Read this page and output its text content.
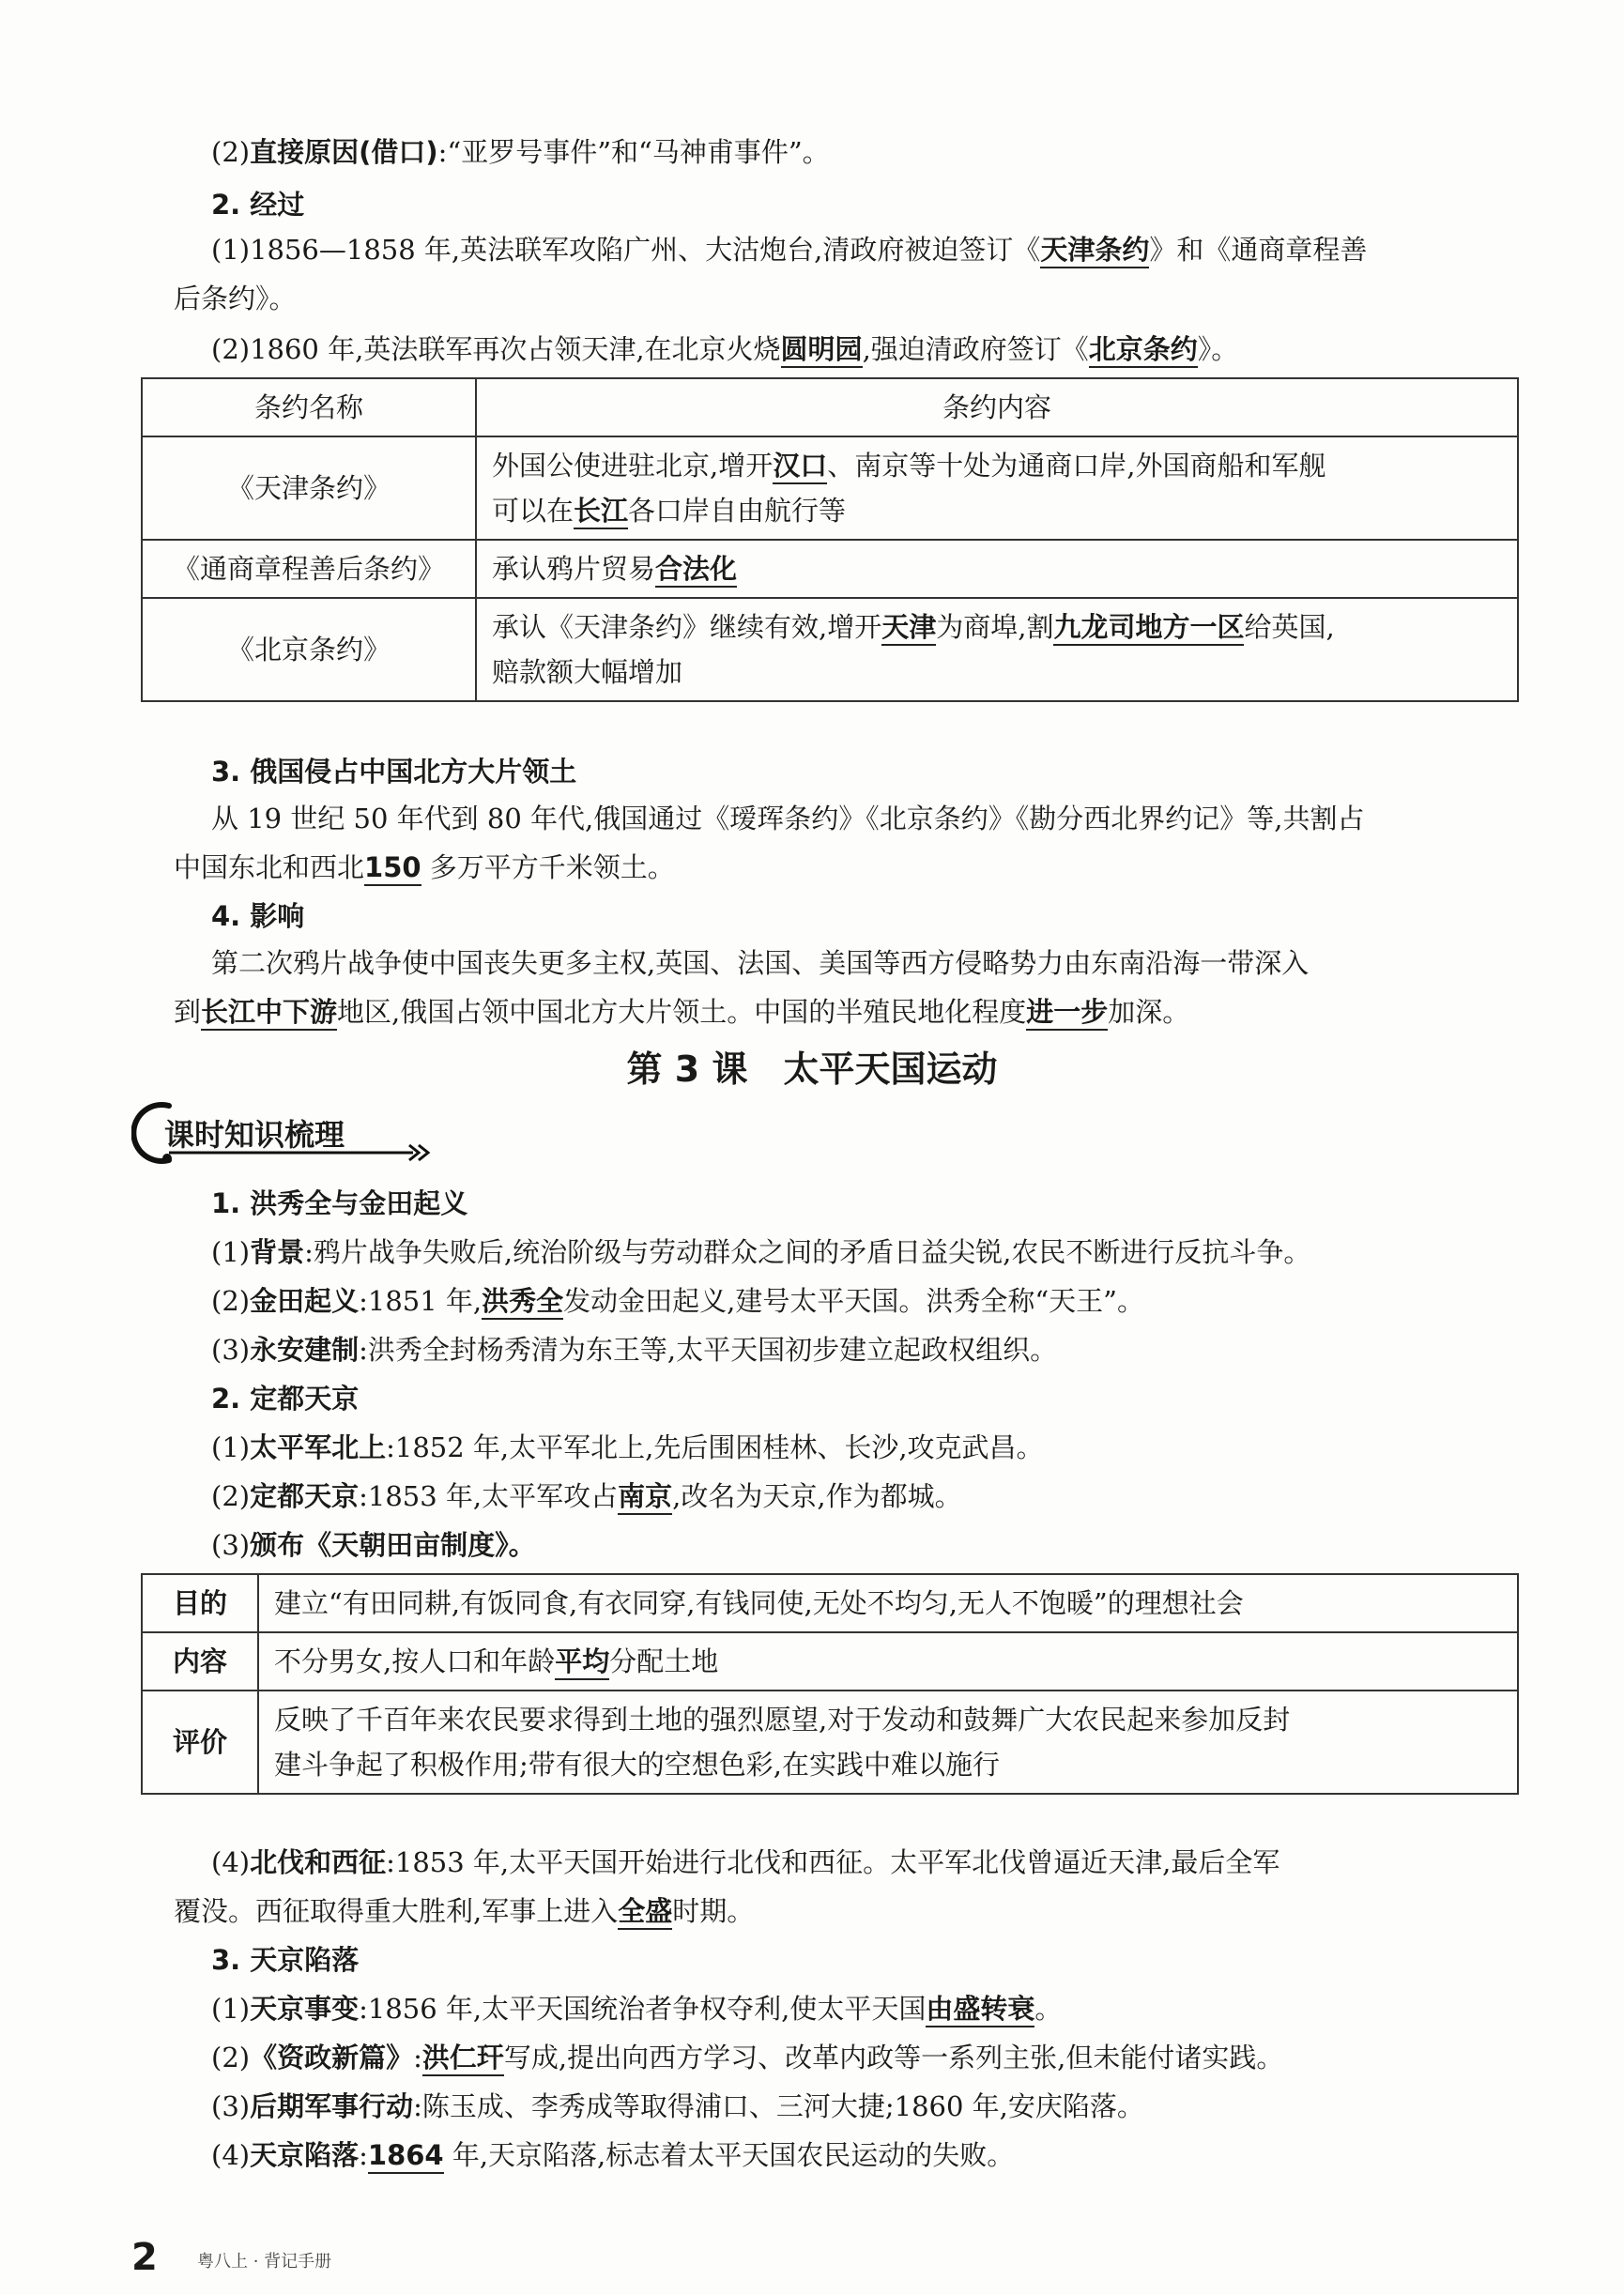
(2)直接原因(借口):“亚罗号事件”和“马神甫事件”。
2. 经过
(1)1856—1858 年,英法联军攻陷广州、大沽炮台,清政府被迫签订《天津条约》和《通商章程善
后条约》。
(2)1860 年,英法联军再次占领天津,在北京火烧圆明园,强迫清政府签订《北京条约》。
条约名称	条约内容
《天津条约》	外国公使进驻北京,增开汉口、南京等十处为通商口岸,外国商船和军舰
可以在长江各口岸自由航行等
《通商章程善后条约》	承认鸦片贸易合法化
《北京条约》	承认《天津条约》继续有效,增开天津为商埠,割九龙司地方一区给英国,
赔款额大幅增加
3. 俄国侵占中国北方大片领土
从 19 世纪 50 年代到 80 年代,俄国通过《瑷珲条约》《北京条约》《勘分西北界约记》等,共割占
中国东北和西北150 多万平方千米领土。
4. 影响
第二次鸦片战争使中国丧失更多主权,英国、法国、美国等西方侵略势力由东南沿海一带深入
到长江中下游地区,俄国占领中国北方大片领土。中国的半殖民地化程度进一步加深。
第 3 课　太平天国运动
课时知识梳理
1. 洪秀全与金田起义
(1)背景:鸦片战争失败后,统治阶级与劳动群众之间的矛盾日益尖锐,农民不断进行反抗斗争。
(2)金田起义:1851 年,洪秀全发动金田起义,建号太平天国。洪秀全称“天王”。
(3)永安建制:洪秀全封杨秀清为东王等,太平天国初步建立起政权组织。
2. 定都天京
(1)太平军北上:1852 年,太平军北上,先后围困桂林、长沙,攻克武昌。
(2)定都天京:1853 年,太平军攻占南京,改名为天京,作为都城。
(3)颁布《天朝田亩制度》。
目的	建立“有田同耕,有饭同食,有衣同穿,有钱同使,无处不均匀,无人不饱暖”的理想社会
内容	不分男女,按人口和年龄平均分配土地
评价	反映了千百年来农民要求得到土地的强烈愿望,对于发动和鼓舞广大农民起来参加反封
建斗争起了积极作用;带有很大的空想色彩,在实践中难以施行
(4)北伐和西征:1853 年,太平天国开始进行北伐和西征。太平军北伐曾逼近天津,最后全军
覆没。西征取得重大胜利,军事上进入全盛时期。
3. 天京陷落
(1)天京事变:1856 年,太平天国统治者争权夺利,使太平天国由盛转衰。
(2)《资政新篇》:洪仁玕写成,提出向西方学习、改革内政等一系列主张,但未能付诸实践。
(3)后期军事行动:陈玉成、李秀成等取得浦口、三河大捷;1860 年,安庆陷落。
(4)天京陷落:1864 年,天京陷落,标志着太平天国农民运动的失败。
2 粤八上 · 背记手册
